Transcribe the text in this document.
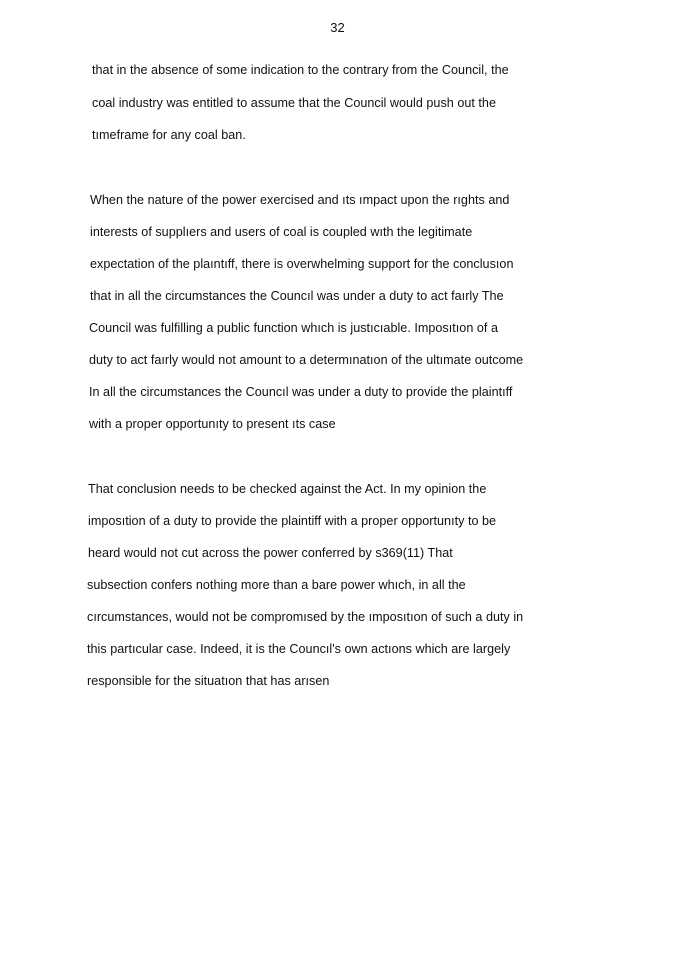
32
that in the absence of some indication to the contrary from the Council, the
coal industry was entitled to assume that the Council would push out the
tımeframe for any coal ban.
When the nature of the power exercised and ıts ımpact upon the rıghts and
interests of supplıers and users of coal is coupled wıth the legitimate
expectation of the plaıntıff, there is overwhelming support for the conclusıon
that in all the circumstances the Councıl was under a duty to act faırly The
Council was fulfilling a public function whıch is justıcıable. Imposıtıon of a
duty to act faırly would not amount to a determınatıon of the ultımate outcome
In all the circumstances the Councıl was under a duty to provide the plaintıff
with a proper opportunıty to present ıts case
That conclusion needs to be checked against the Act. In my opinion the
imposıtion of a duty to provide the plaintiff with a proper opportunıty to be
heard would not cut across the power conferred by s369(11) That
subsection confers nothing more than a bare power whıch, in all the
cırcumstances, would not be compromısed by the ımposıtıon of such a duty in
this partıcular case. Indeed, it is the Councıl's own actıons which are largely
responsible for the situatıon that has arısen
